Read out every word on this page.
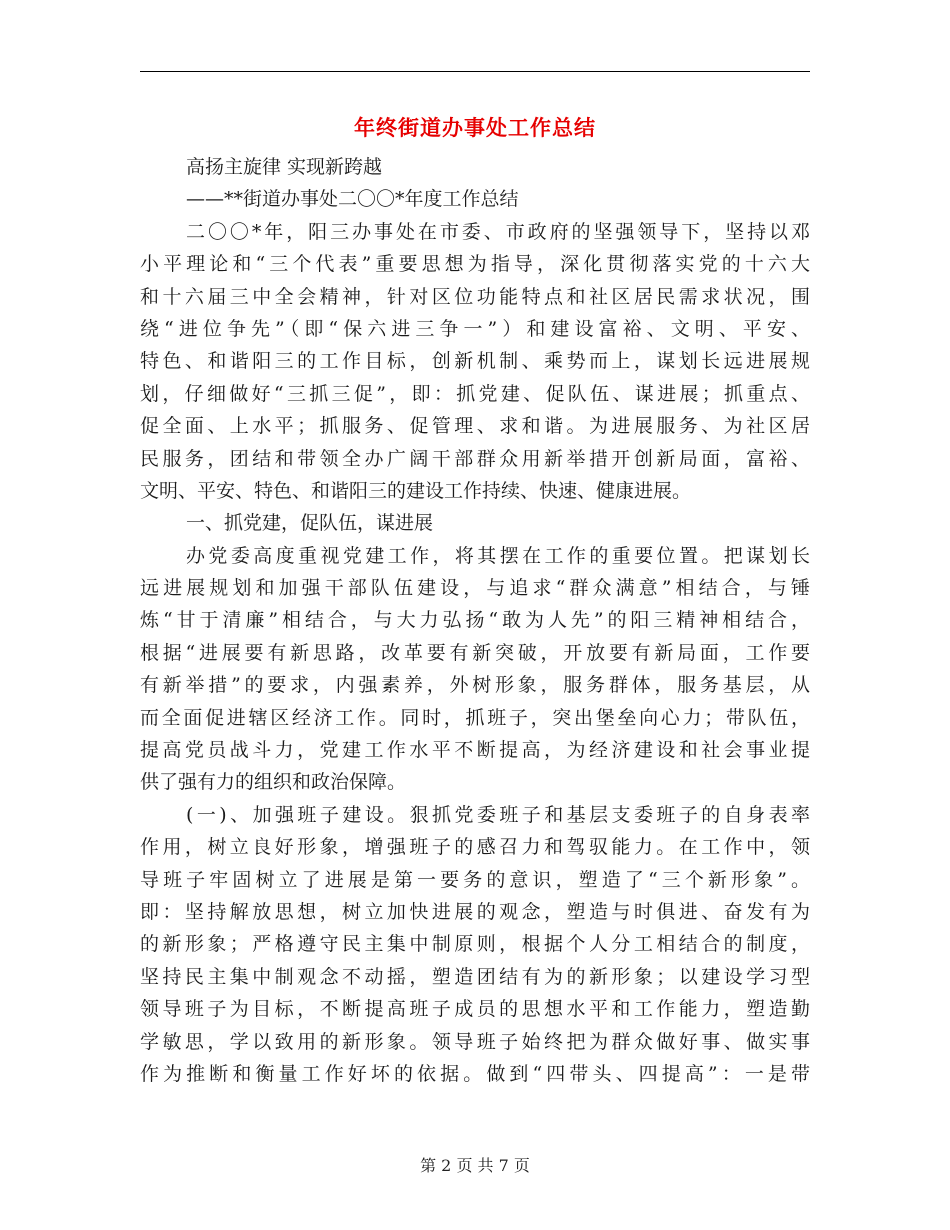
年终街道办事处工作总结
高扬主旋律 实现新跨越
——**街道办事处二〇〇*年度工作总结
二〇〇*年，阳三办事处在市委、市政府的坚强领导下，坚持以邓
小平理论和“三个代表”重要思想为指导，深化贯彻落实党的十六大
和十六届三中全会精神，针对区位功能特点和社区居民需求状况，围
绕“进位争先”（即“保六进三争一”）和建设富裕、文明、平安、
特色、和谐阳三的工作目标，创新机制、乘势而上，谋划长远进展规
划，仔细做好“三抓三促”，即：抓党建、促队伍、谋进展；抓重点、
促全面、上水平；抓服务、促管理、求和谐。为进展服务、为社区居
民服务，团结和带领全办广阔干部群众用新举措开创新局面，富裕、
文明、平安、特色、和谐阳三的建设工作持续、快速、健康进展。
一、抓党建，促队伍，谋进展
办党委高度重视党建工作，将其摆在工作的重要位置。把谋划长
远进展规划和加强干部队伍建设，与追求“群众满意”相结合，与锤
炼“甘于清廉”相结合，与大力弘扬“敢为人先”的阳三精神相结合，
根据“进展要有新思路，改革要有新突破，开放要有新局面，工作要
有新举措”的要求，内强素养，外树形象，服务群体，服务基层，从
而全面促进辖区经济工作。同时，抓班子，突出堡垒向心力；带队伍，
提高党员战斗力，党建工作水平不断提高，为经济建设和社会事业提
供了强有力的组织和政治保障。
(一)、加强班子建设。狠抓党委班子和基层支委班子的自身表率
作用，树立良好形象，增强班子的感召力和驾驭能力。在工作中，领
导班子牢固树立了进展是第一要务的意识，塑造了“三个新形象”。
即：坚持解放思想，树立加快进展的观念，塑造与时俱进、奋发有为
的新形象；严格遵守民主集中制原则，根据个人分工相结合的制度，
坚持民主集中制观念不动摇，塑造团结有为的新形象；以建设学习型
领导班子为目标，不断提高班子成员的思想水平和工作能力，塑造勤
学敏思，学以致用的新形象。领导班子始终把为群众做好事、做实事
作为推断和衡量工作好坏的依据。做到“四带头、四提高”：一是带
第 2 页 共 7 页
